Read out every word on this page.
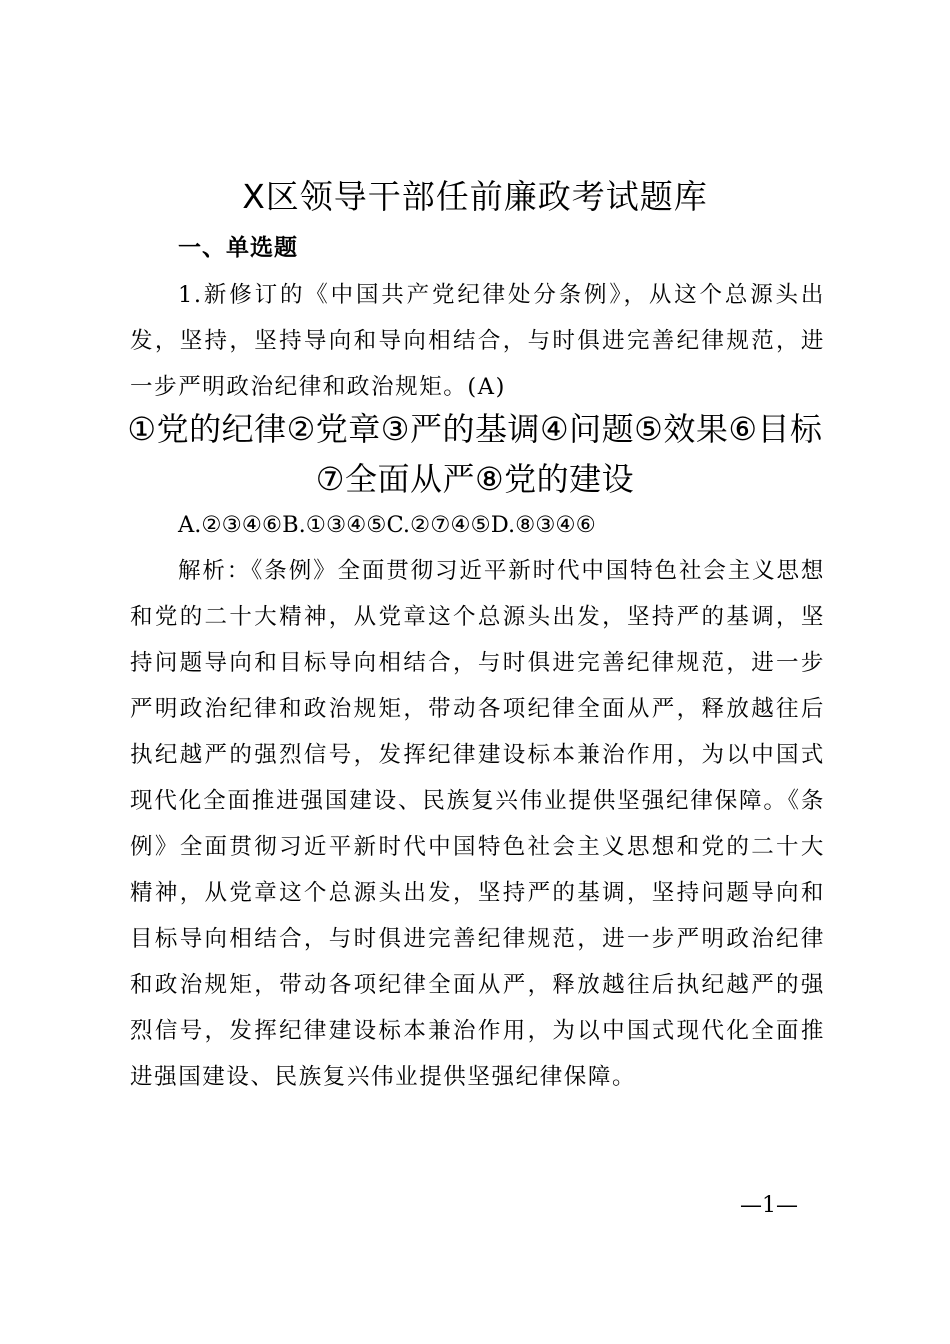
X区领导干部任前廉政考试题库
一、单选题
1.新修订的《中国共产党纪律处分条例》，从这个总源头出发，坚持，坚持导向和导向相结合，与时俱进完善纪律规范，进一步严明政治纪律和政治规矩。(A)
①党的纪律②党章③严的基调④问题⑤效果⑥目标⑦全面从严⑧党的建设
A.②③④⑥B.①③④⑤C.②⑦④⑤D.⑧③④⑥
解析：《条例》全面贯彻习近平新时代中国特色社会主义思想和党的二十大精神，从党章这个总源头出发，坚持严的基调，坚持问题导向和目标导向相结合，与时俱进完善纪律规范，进一步严明政治纪律和政治规矩，带动各项纪律全面从严，释放越往后执纪越严的强烈信号，发挥纪律建设标本兼治作用，为以中国式现代化全面推进强国建设、民族复兴伟业提供坚强纪律保障。《条例》全面贯彻习近平新时代中国特色社会主义思想和党的二十大精神，从党章这个总源头出发，坚持严的基调，坚持问题导向和目标导向相结合，与时俱进完善纪律规范，进一步严明政治纪律和政治规矩，带动各项纪律全面从严，释放越往后执纪越严的强烈信号，发挥纪律建设标本兼治作用，为以中国式现代化全面推进强国建设、民族复兴伟业提供坚强纪律保障。
—1—
